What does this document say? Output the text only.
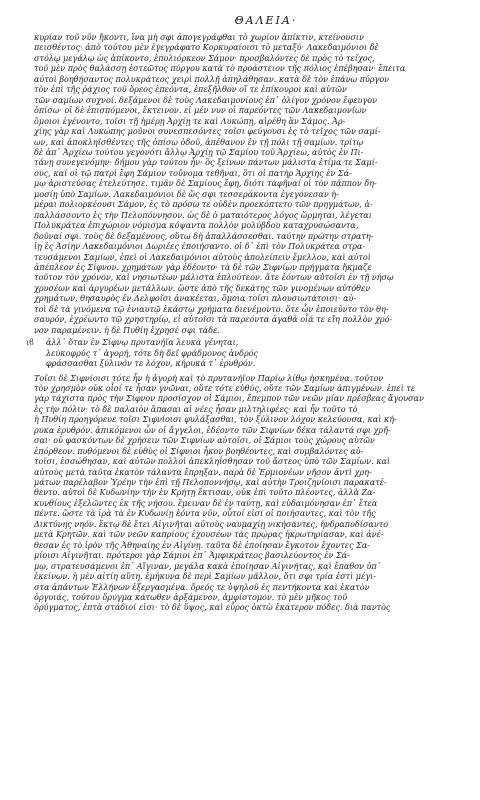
ΘΑΛΕΙΑ·

κυρίαν τοῦ νῦν ἤκοντι, ἵνα μὴ σφι ἀπογεγράφθαι τὸ χωρίον ἀπίκτιν, κτείνουσιν

πεισθέντος· ἀπὸ τούτου μὲν ἐγεγράφατο Κορκυραίοισι τὸ μεταξύ· Λακεδαιμόνιοι δὲ

στόλῳ μεγάλῳ ὡς ἀπίκοντο, ἐπολιόρκεον Σάμον· προσβαλόντες δὲ πρὸς τὸ τεῖχος,

τοῦ μὲν πρὸς θαλάσσῃ ἐστεῶτος πύργου κατὰ τὸ προάστειον τῆς πόλιος ἐπέβησαν· ἔπειτα

αὐτοὶ βοηθήσαντος πολυκράτεος χειρὶ πολλῇ ἀπηλάθησαν. κατὰ δὲ τὸν ἐπάνω πύργον

τὸν ἐπὶ τῆς ῥάχιος τοῦ ὄρεος ἐπεόντα, ἐπεξῆλθον οἵ τε ἐπίκουροι καὶ αὐτῶν

τῶν σαμίων συχνοί. δεξάμενοι δὲ τοὺς Λακεδαιμονίους ἐπ᾽ ὀλίγον χρόνον ἔφευγον

ὀπίσω· οἱ δὲ ἐπισπόμενοι, ἔκτεινον. εἰ μέν νυν οἱ παρεόντες τῶν Λακεδαιμονίων

ὅμοιοι ἐγένοντο, τοῖσι τῇ ἡμέρῃ Ἀρχίῃ τε καὶ Λυκώπῃ, αἱρέθη ἂν Σάμος. Ἀρ-

χίης γὰρ καὶ Λυκώπης μοῦνοι συνεσπεσόντες τοῖσι φεύγουσι ἐς τὸ τεῖχος τῶν σαμί-

ων, καὶ ἀποκληϊσθέντες τῆς ὀπίσω ὁδοῦ, ἀπέθανον ἐν τῇ πόλι τῇ σαμίων. τρίτῳ

δὲ ἀπ᾽ Ἀρχίεω τούτου γεγονότι ἄλλῳ Ἀρχίῃ τῷ Σαμίου τοῦ Ἀρχίεω, αὐτὸς ἐν Πι-

τάνῃ συνεγενόμην· δήμου γὰρ τούτου ἦν· ὃς ξείνων πάντων μάλιστα ἐτίμα τε Σαμί-

ους, καί οἱ τῷ πατρὶ ἔφη Σάμιον τοὔνομα τεθῆναι, ὅτι οἱ πατὴρ Ἀρχίης ἐν Σά-

μῳ ἀριστεύσας ἐτελεύτησε. τιμᾶν δὲ Σαμίους ἔφη, διότι ταφῆναί οἱ τὸν πάππον δη-

μοσίῃ ὑπὸ Σαμίων. Λακεδαιμόνιοι δὲ ὥς σφι τεσσεράκοντα ἐγεγόνεσαν ἡ-

μέραι πολιορκέουσι Σάμον, ἐς τὸ πρόσω τε οὐδὲν προεκόπτετο τῶν πρηγμάτων, ἀ-

παλλάσσοντο ἐς τὴν Πελοπόννησον. ὡς δὲ ὁ ματαιότερος λόγος ὥρμηται, λέγεται

Πολυκράτεα ἐπιχώριον νόμισμα κόψαντα πολλὸν μολύβδου καταχρυσώσαντα,

δοῦναί σφι. τοὺς δὲ δεξαμένους, οὕτω δὴ ἀπαλλάσσεσθαι. ταύτην πρώτην στρατη-

ἰῃ ἐς Ἀσίην Λακεδαιμόνιοι Δωριέες ἐποιήσαντο. οἱ δ᾽ ἐπὶ τὸν Πολυκράτεα στρα-

τευσάμενοι Σαμίων, ἐπεὶ οἱ Λακεδαιμόνιοι αὐτοὺς ἀπολείπειν ἔμελλον, καὶ αὐτοὶ

ἀπέπλεον ἐς Σίφνον. χρημάτων γὰρ ἐδέοντο· τὰ δὲ τῶν Σιφνίων πρήγματα ἤκμαζε

τοῦτον τὸν χρόνον, καὶ νησιωτέων μάλιστα ἐπλούτεον. ἅτε ἐόντων αὐτοῖσι ἐν τῇ νήσῳ

χρυσέων καὶ ἀργυρέων μετάλλων. ὥστε ἀπὸ τῆς δεκάτης τῶν γινομένων αὐτόθεν

χρημάτων, θησαυρὸς ἐν Δελφοῖσι ἀνακέεται, ὅμοια τοῖσι πλουσιωτάτοισι· αὐ-

τοὶ δὲ τὰ γινόμενα τῷ ἐνιαυτῷ ἑκάστῳ χρήματα διενέμοντο. ὅτε ὦν ἐποιεῦντο τὸν θη-

σαυρόν, ἐχρέωντο τῷ χρηστηρίῳ, εἰ αὐτοῖσι τὰ παρεόντα ἀγαθὰ οἷά τε εἴη πολλὸν χρό-

νον παραμένειν. ἡ δὲ Πυθίη ἔχρησέ σφι τάδε.

ιϐ ἀλλ᾽ ὅταν ἐν Σίφνῳ πρυτανήϊα λευκὰ γένηται,
λεύκοφρύς τ᾽ ἀγορή, τότε δὴ δεῖ φράδμονος ἀνδρός
φράσσασθαι ξύλινόν τε λόχον, κήρυκά τ᾽ ἐρυθρόν.

Τοῖσι δὲ Σιφνίοισι τότε ἦν ἡ ἀγορὴ καὶ τὸ πρυτανήϊον Παρίῳ λίθῳ ἠσκημένα. τοῦτον

τὸν χρησμὸν οὐκ οἷοί τε ἦσαν γνῶναι, οὔτε τότε εὐθύς, οὔτε τῶν Σαμίων ἀπιγμένων. ἐπεὶ τε

γὰρ τάχιστα πρὸς τὴν Σίφνον προσίσχον οἱ Σάμιοι, ἔπεμπον τῶν νεῶν μίαν πρέσβεας ἄγουσαν

ἐς τὴν πόλιν· τὸ δὲ παλαιὸν ἅπασαι αἱ νέες ἦσαν μιλτηλιφέες· καὶ ἦν τοῦτο τὸ

ἡ Πυθίη προηγόρευε τοῖσι Σιφνίοισι φυλάξασθαι, τὸν ξύλινον λόχον κελεύουσα, καὶ κή-

ρυκα ἐρυθρόν. ἀπικόμενοι ὦν οἱ ἄγγελοι, ἐδέοντο τῶν Σιφνίων δέκα τάλαντά σφι χρῆ-

σαι· οὐ φασκόντων δὲ χρήσειν τῶν Σιφνίων αὐτοῖσι, οἱ Σάμιοι τοὺς χώρους αὐτῶν

ἐπόρθεον. πυθόμενοι δὲ εὐθὺς οἱ Σίφνιοι ἧκον βοηθέοντες, καὶ συμβαλόντες αὐ-

τοῖσι, ἑσσώθησαν, καὶ αὐτῶν πολλοὶ ἀπεκληΐσθησαν τοῦ ἄστεος ὑπὸ τῶν Σαμίων. καὶ

αὐτοὺς μετὰ ταῦτα ἑκατὸν τάλαντα ἔπρηξαν. παρὰ δὲ Ἑρμιονέων νῆσον ἀντὶ χρη-

μάτων παρέλαβον Ὑρέην τὴν ἐπὶ τῇ Πελοποννήσῳ, καὶ αὐτὴν Τροιζηνίοισι παρακατέ-

θεντο. αὐτοὶ δὲ Κυδωνίην τὴν ἐν Κρήτῃ ἔκτισαν, οὐκ ἐπὶ τοῦτο πλέοντες, ἀλλὰ Ζα-

κυνθίους ἐξελῶντες ἐκ τῆς νήσου. ἔμειναν δὲ ἐν ταύτῃ, καὶ εὐδαιμόνησαν ἐπ᾽ ἔτεα

πέντε. ὥστε τὰ ἱρὰ τὰ ἐν Κυδωνίῃ ἐόντα νῦν, οὗτοί εἰσι οἱ ποιήσαντες, καὶ τὸν τῆς

Δικτύνης νηόν. ἕκτῳ δὲ ἔτει Αἰγινῆται αὐτοὺς ναυμαχίῃ νικήσαντες, ἠνδραποδίσαντο

μετὰ Κρητῶν. καὶ τῶν νεῶν καπρίους ἐχουσέων τὰς πρῴρας ἠκρωτηρίασαν, καὶ ἀνέ-

θεσαν ἐς τὸ ἱρὸν τῆς Ἀθηναίης ἐν Αἰγίνῃ. ταῦτα δὲ ἐποίησαν ἔγκοτον ἔχοντες Σα-

μίοισι Αἰγινῆται. πρότεροι γὰρ Σάμιοι ἐπ᾽ Ἀμφικράτεος βασιλεύοντος ἐν Σά-

μῳ, στρατευσάμενοι ἐπ᾽ Αἴγιναν, μεγάλα κακὰ ἐποίησαν Αἰγινήτας, καὶ ἔπαθον ὑπ᾽

ἐκείνων. ἡ μὲν αἰτίη αὕτη. ἐμήκυνα δὲ περὶ Σαμίων μᾶλλον, ὅτι σφι τρία ἐστὶ μέγι-

στα ἁπάντων Ἑλλήνων ἐξεργασμένα. ὄρεός τε ὑψηλοῦ ἐς πεντήκοντα καὶ ἑκατὸν

ὀργυιάς, τούτου ὄρυγμα κάτωθεν ἀρξάμενον, ἀμφίστομον. τὸ μὲν μῆκος τοῦ

ὀρύγματος, ἑπτὰ στάδιοί εἰσι· τὸ δὲ ὕψος, καὶ εὖρος ὀκτὼ ἑκάτερον πόδες. διὰ παντὸς
